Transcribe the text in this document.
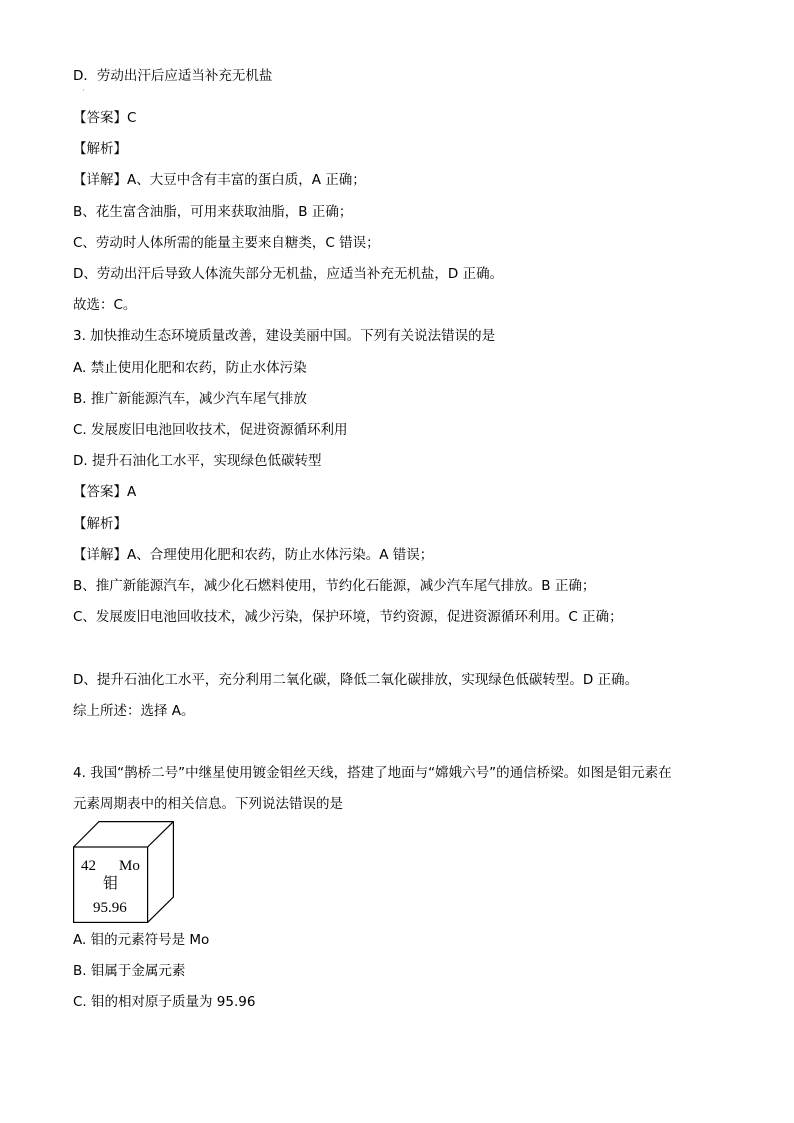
D．劳动出汗后应适当补充无机盐
·
【答案】C
【解析】
【详解】A、大豆中含有丰富的蛋白质，A 正确；
B、花生富含油脂，可用来获取油脂，B 正确；
C、劳动时人体所需的能量主要来自糖类，C 错误；
D、劳动出汗后导致人体流失部分无机盐，应适当补充无机盐，D 正确。
故选：C。
3. 加快推动生态环境质量改善，建设美丽中国。下列有关说法错误的是
A. 禁止使用化肥和农药，防止水体污染
B. 推广新能源汽车，减少汽车尾气排放
C. 发展废旧电池回收技术，促进资源循环利用
D. 提升石油化工水平，实现绿色低碳转型
【答案】A
【解析】
【详解】A、合理使用化肥和农药，防止水体污染。A 错误；
B、推广新能源汽车，减少化石燃料使用，节约化石能源，减少汽车尾气排放。B 正确；
C、发展废旧电池回收技术，减少污染，保护环境，节约资源，促进资源循环利用。C 正确；
D、提升石油化工水平，充分利用二氧化碳，降低二氧化碳排放，实现绿色低碳转型。D 正确。
综上所述：选择 A。
4. 我国“鹊桥二号”中继星使用镀金钼丝天线，搭建了地面与“嫦娥六号”的通信桥梁。如图是钼元素在
元素周期表中的相关信息。下列说法错误的是
42 Mo
钼
95.96
A. 钼的元素符号是 Mo
B. 钼属于金属元素
C. 钼的相对原子质量为 95.96
